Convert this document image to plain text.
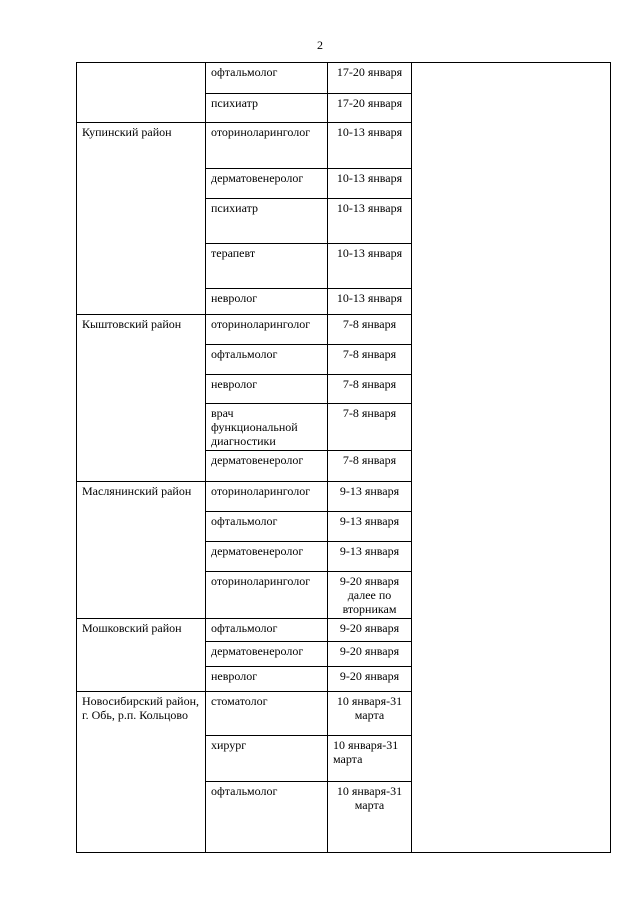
2
	офтальмолог	17-20 января	
	психиатр	17-20 января	
Купинский район	оториноларинголог	10-13 января	
	дерматовенеролог	10-13 января	
	психиатр	10-13 января	
	терапевт	10-13 января	
	невролог	10-13 января	
Кыштовский район	оториноларинголог	7-8 января	
	офтальмолог	7-8 января	
	невролог	7-8 января	
	врач функциональной диагностики	7-8 января	
	дерматовенеролог	7-8 января	
Маслянинский район	оториноларинголог	9-13 января	
	офтальмолог	9-13 января	
	дерматовенеролог	9-13 января	
	оториноларинголог	9-20 января далее по вторникам	
Мошковский район	офтальмолог	9-20 января	
	дерматовенеролог	9-20 января	
	невролог	9-20 января	
Новосибирский район, г. Обь, р.п. Кольцово	стоматолог	10 января-31 марта	
	хирург	10 января-31 марта	
	офтальмолог	10 января-31 марта	
